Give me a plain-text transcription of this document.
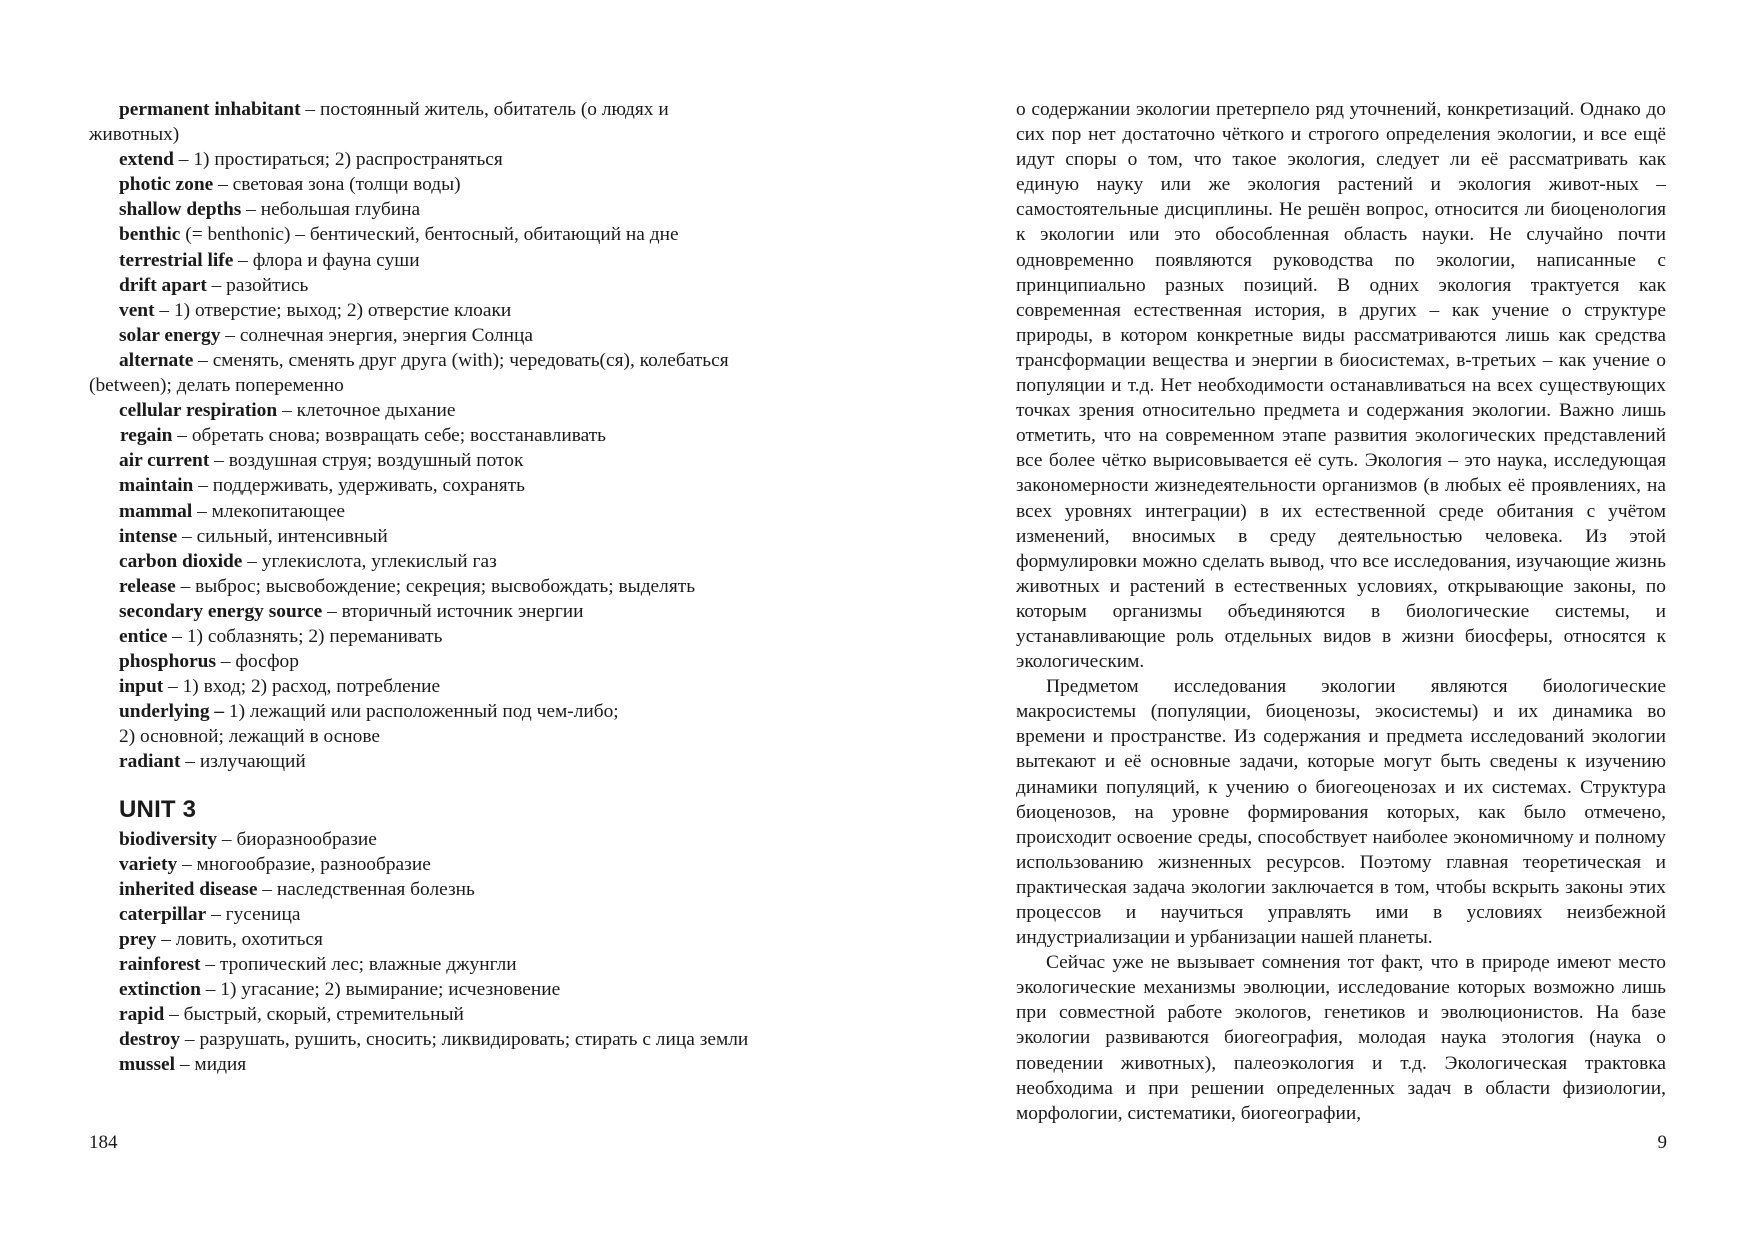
permanent inhabitant – постоянный житель, обитатель (о людях и животных)

extend – 1) простираться; 2) распространяться

photic zone – световая зона (толщи воды)

shallow depths – небольшая глубина

benthic (= benthonic) – бентический, бентосный, обитающий на дне

terrestrial life – флора и фауна суши

drift apart – разойтись

vent – 1) отверстие; выход; 2) отверстие клоаки

solar energy – солнечная энергия, энергия Солнца

alternate – сменять, сменять друг друга (with); чередовать(ся), колебаться (between); делать попеременно

cellular respiration – клеточное дыхание

regain – обретать снова; возвращать себе; восстанавливать

air current – воздушная струя; воздушный поток

maintain – поддерживать, удерживать, сохранять

mammal – млекопитающее

intense – сильный, интенсивный

carbon dioxide – углекислота, углекислый газ

release – выброс; высвобождение; секреция; высвобождать; выделять

secondary energy source – вторичный источник энергии

entice – 1) соблазнять; 2) переманивать

phosphorus – фосфор

input – 1) вход; 2) расход, потребление

underlying – 1) лежащий или расположенный под чем-либо;

2) основной; лежащий в основе

radiant – излучающий

UNIT 3

biodiversity – биоразнообразие

variety – многообразие, разнообразие

inherited disease – наследственная болезнь

caterpillar – гусеница

prey – ловить, охотиться

rainforest – тропический лес; влажные джунгли

extinction – 1) угасание; 2) вымирание; исчезновение

rapid – быстрый, скорый, стремительный

destroy – разрушать, рушить, сносить; ликвидировать; стирать с лица земли

mussel – мидия

184

о содержании экологии претерпело ряд уточнений, конкретизаций. Однако до сих пор нет достаточно чёткого и строгого определения экологии, и все ещё идут споры о том, что такое экология, следует ли её рассматривать как единую науку или же экология растений и экология живот-ных – самостоятельные дисциплины. Не решён вопрос, относится ли биоценология к экологии или это обособленная область науки. Не случайно почти одновременно появляются руководства по экологии, написанные с принципиально разных позиций. В одних экология трактуется как современная естественная история, в других – как учение о структуре природы, в котором конкретные виды рассматриваются лишь как средства трансформации вещества и энергии в биосистемах, в-третьих – как учение о популяции и т.д. Нет необходимости останавливаться на всех существующих точках зрения относительно предмета и содержания экологии. Важно лишь отметить, что на современном этапе развития экологических представлений все более чётко вырисовывается её суть. Экология – это наука, исследующая закономерности жизнедеятельности организмов (в любых её проявлениях, на всех уровнях интеграции) в их естественной среде обитания с учётом изменений, вносимых в среду деятельностью человека. Из этой формулировки можно сделать вывод, что все исследования, изучающие жизнь животных и растений в естественных условиях, открывающие законы, по которым организмы объединяются в биологические системы, и устанавливающие роль отдельных видов в жизни биосферы, относятся к экологическим.

Предметом исследования экологии являются биологические макросистемы (популяции, биоценозы, экосистемы) и их динамика во времени и пространстве. Из содержания и предмета исследований экологии вытекают и её основные задачи, которые могут быть сведены к изучению динамики популяций, к учению о биогеоценозах и их системах. Структура биоценозов, на уровне формирования которых, как было отмечено, происходит освоение среды, способствует наиболее экономичному и полному использованию жизненных ресурсов. Поэтому главная теоретическая и практическая задача экологии заключается в том, чтобы вскрыть законы этих процессов и научиться управлять ими в условиях неизбежной индустриализации и урбанизации нашей планеты.

Сейчас уже не вызывает сомнения тот факт, что в природе имеют место экологические механизмы эволюции, исследование которых возможно лишь при совместной работе экологов, генетиков и эволюционистов. На базе экологии развиваются биогеография, молодая наука этология (наука о поведении животных), палеоэкология и т.д. Экологическая трактовка необходима и при решении определенных задач в области физиологии, морфологии, систематики, биогеографии,

9
